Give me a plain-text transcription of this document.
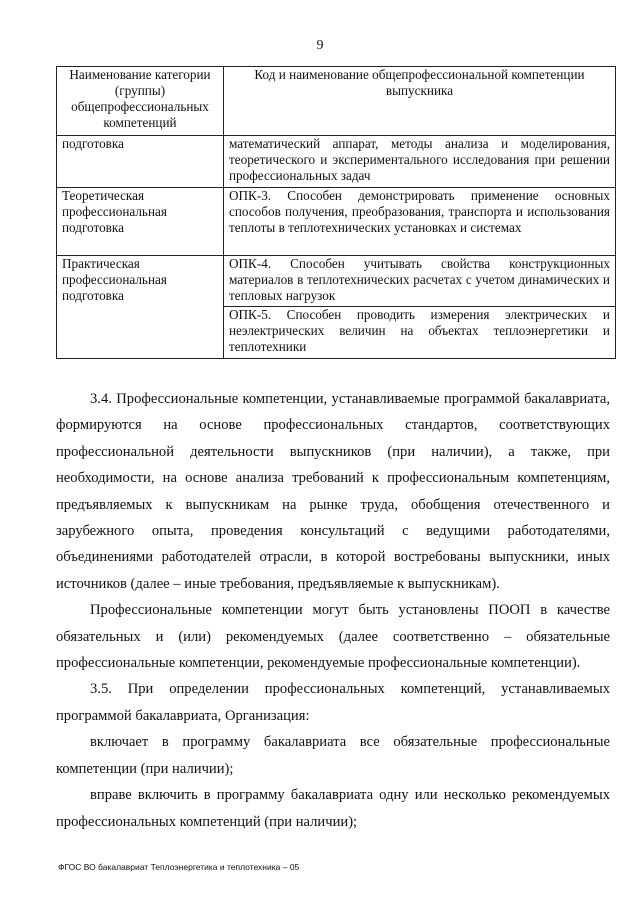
9
Наименование категории (группы) общепрофессиональных компетенций	Код и наименование общепрофессиональной компетенции выпускника
подготовка	математический аппарат, методы анализа и моделирования, теоретического и экспериментального исследования при решении профессиональных задач
Теоретическая профессиональная подготовка	ОПК-3. Способен демонстрировать применение основных способов получения, преобразования, транспорта и использования теплоты в теплотехнических установках и системах
Практическая профессиональная подготовка	ОПК-4. Способен учитывать свойства конструкционных материалов в теплотехнических расчетах с учетом динамических и тепловых нагрузок
	ОПК-5. Способен проводить измерения электрических и неэлектрических величин на объектах теплоэнергетики и теплотехники

3.4. Профессиональные компетенции, устанавливаемые программой бакалавриата, формируются на основе профессиональных стандартов, соответствующих профессиональной деятельности выпускников (при наличии), а также, при необходимости, на основе анализа требований к профессиональным компетенциям, предъявляемых к выпускникам на рынке труда, обобщения отечественного и зарубежного опыта, проведения консультаций с ведущими работодателями, объединениями работодателей отрасли, в которой востребованы выпускники, иных источников (далее – иные требования, предъявляемые к выпускникам).

Профессиональные компетенции могут быть установлены ПООП в качестве обязательных и (или) рекомендуемых (далее соответственно – обязательные профессиональные компетенции, рекомендуемые профессиональные компетенции).

3.5. При определении профессиональных компетенций, устанавливаемых программой бакалавриата, Организация:

включает в программу бакалавриата все обязательные профессиональные компетенции (при наличии);

вправе включить в программу бакалавриата одну или несколько рекомендуемых профессиональных компетенций (при наличии);

ФГОС ВО бакалавриат Теплоэнергетика и теплотехника – 05
